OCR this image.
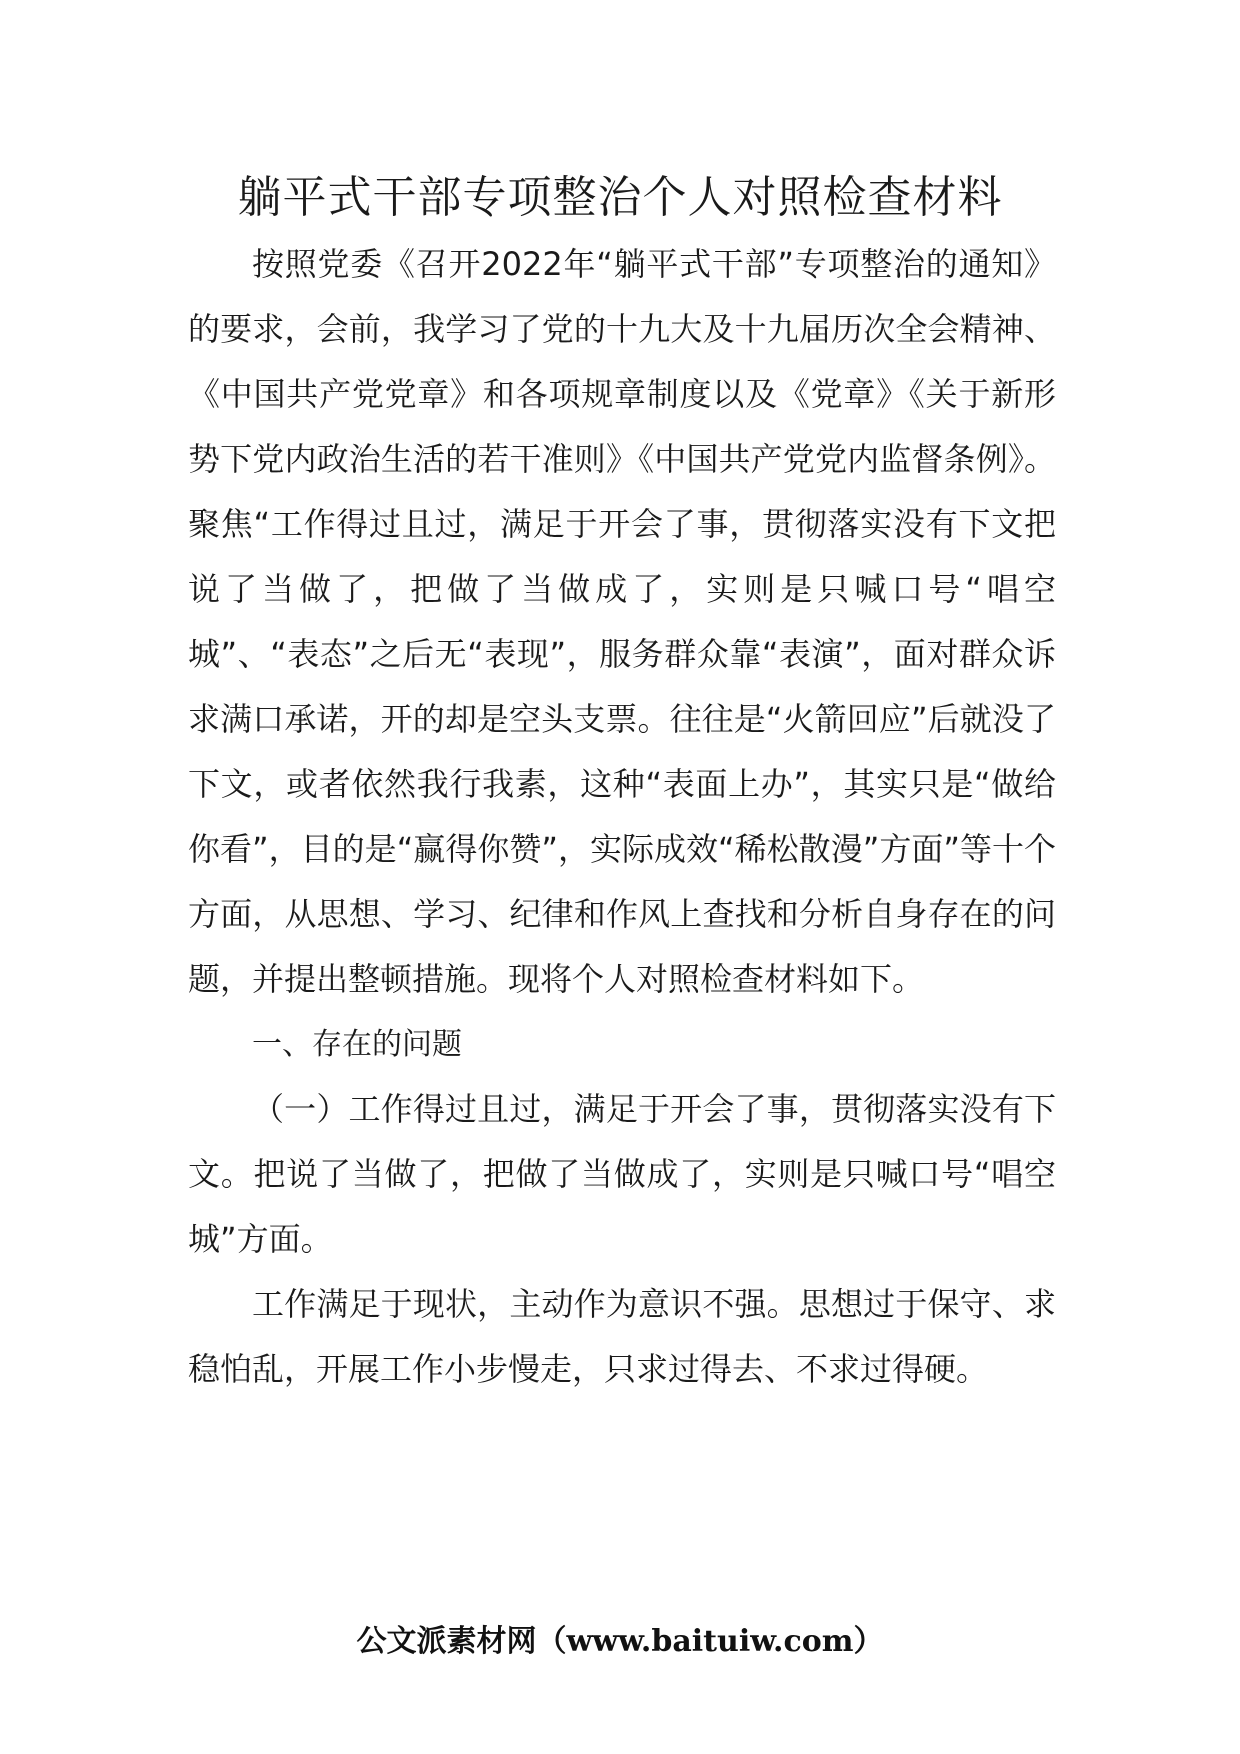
躺平式干部专项整治个人对照检查材料

按照党委《召开2022年“躺平式干部”专项整治的通知》的要求，会前，我学习了党的十九大及十九届历次全会精神、《中国共产党党章》和各项规章制度以及《党章》《关于新形势下党内政治生活的若干准则》《中国共产党党内监督条例》。聚焦“工作得过且过，满足于开会了事，贯彻落实没有下文把说了当做了，把做了当做成了，实则是只喊口号“唱空城”、“表态”之后无“表现”，服务群众靠“表演”，面对群众诉求满口承诺，开的却是空头支票。往往是“火箭回应”后就没了下文，或者依然我行我素，这种“表面上办”，其实只是“做给你看”，目的是“赢得你赞”，实际成效“稀松散漫”方面”等十个方面，从思想、学习、纪律和作风上查找和分析自身存在的问题，并提出整顿措施。现将个人对照检查材料如下。

一、存在的问题

（一）工作得过且过，满足于开会了事，贯彻落实没有下文。把说了当做了，把做了当做成了，实则是只喊口号“唱空城”方面。

工作满足于现状，主动作为意识不强。思想过于保守、求稳怕乱，开展工作小步慢走，只求过得去、不求过得硬。

公文派素材网（www.baituiw.com）
